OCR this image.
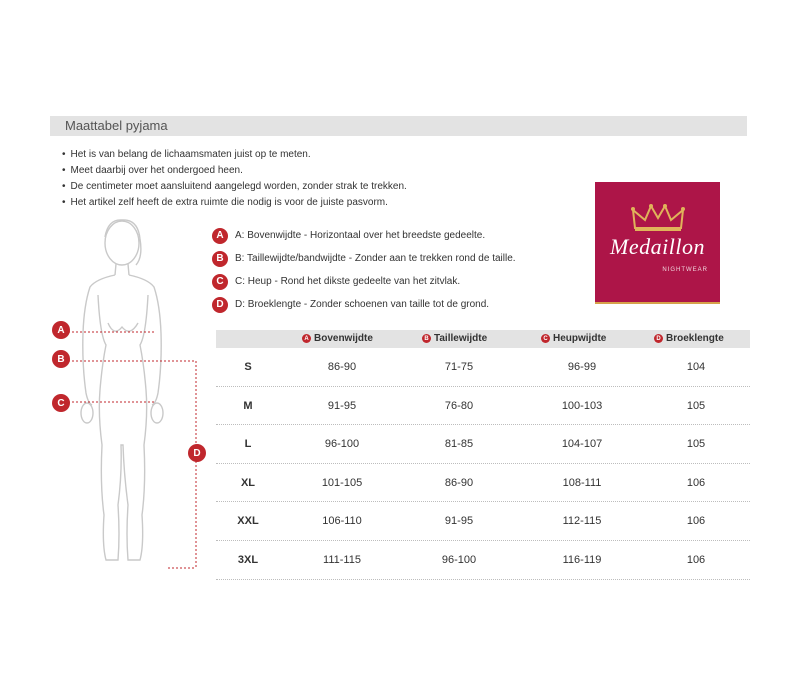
Maattabel pyjama
• Het is van belang de lichaamsmaten juist op te meten.
• Meet daarbij over het ondergoed heen.
• De centimeter moet aansluitend aangelegd worden, zonder strak te trekken.
• Het artikel zelf heeft de extra ruimte die nodig is voor de juiste pasvorm.
Medaillon
NIGHTWEAR
A	A: Bovenwijdte - Horizontaal over het breedste gedeelte.
B	B: Taillewijdte/bandwijdte - Zonder aan te trekken rond de taille.
C	C: Heup - Rond het dikste gedeelte van het zitvlak.
D	D: Broeklengte - Zonder schoenen van taille tot de grond.
A
B
C
D
A Bovenwijdte	B Taillewijdte	C Heupwijdte	D Broeklengte
S	86-90	71-75	96-99	104
M	91-95	76-80	100-103	105
L	96-100	81-85	104-107	105
XL	101-105	86-90	108-111	106
XXL	106-110	91-95	112-115	106
3XL	111-115	96-100	116-119	106
